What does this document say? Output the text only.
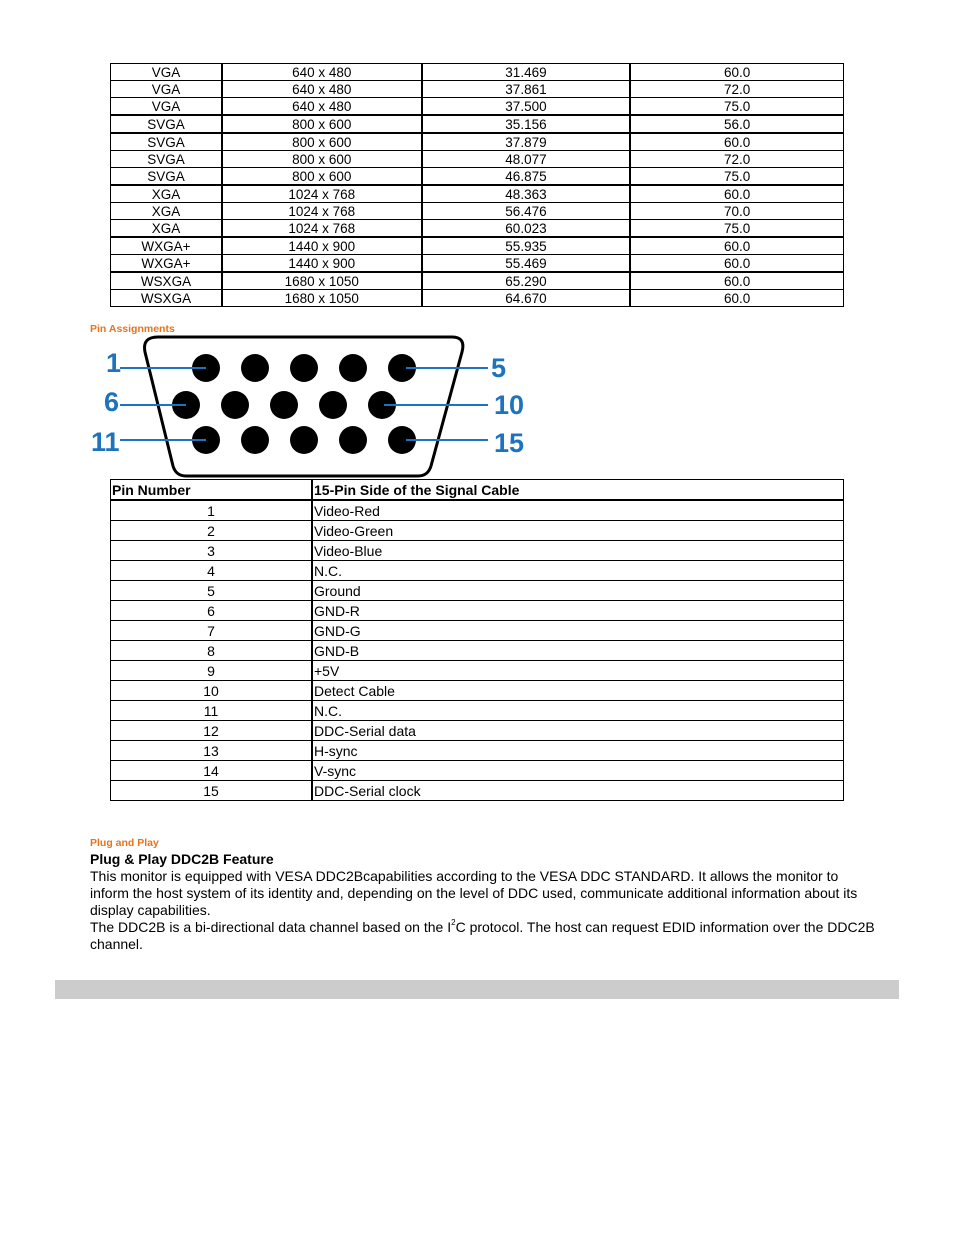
VGA	640 x 480	31.469	60.0
VGA	640 x 480	37.861	72.0
VGA	640 x 480	37.500	75.0
SVGA	800 x 600	35.156	56.0
SVGA	800 x 600	37.879	60.0
SVGA	800 x 600	48.077	72.0
SVGA	800 x 600	46.875	75.0
XGA	1024 x 768	48.363	60.0
XGA	1024 x 768	56.476	70.0
XGA	1024 x 768	60.023	75.0
WXGA+	1440 x 900	55.935	60.0
WXGA+	1440 x 900	55.469	60.0
WSXGA	1680 x 1050	65.290	60.0
WSXGA	1680 x 1050	64.670	60.0
Pin Assignments
1
6
11
5
10
15
Pin Number	15-Pin Side of the Signal Cable
1	Video-Red
2	Video-Green
3	Video-Blue
4	N.C.
5	Ground
6	GND-R
7	GND-G
8	GND-B
9	+5V
10	Detect Cable
11	N.C.
12	DDC-Serial data
13	H-sync
14	V-sync
15	DDC-Serial clock
Plug and Play
Plug & Play DDC2B Feature

This monitor is equipped with VESA DDC2Bcapabilities according to the VESA DDC STANDARD. It allows the monitor to inform the host system of its identity and, depending on the level of DDC used, communicate additional information about its display capabilities.

The DDC2B is a bi-directional data channel based on the $I^2C$ protocol. The host can request EDID information over the DDC2B channel.
